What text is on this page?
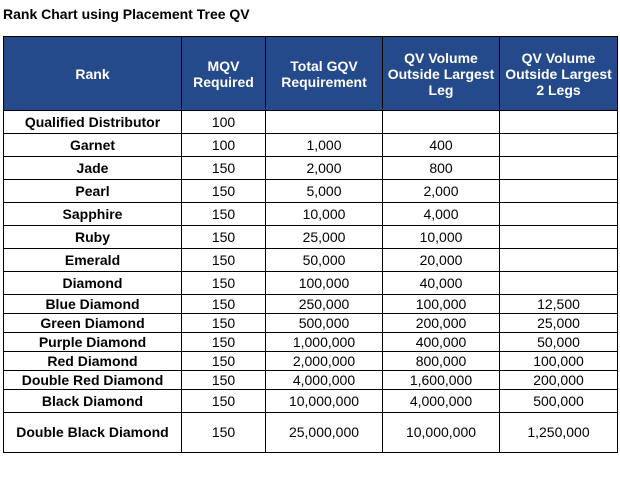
Rank Chart using Placement Tree QV
Rank	MQV Required	Total GQV Requirement	QV Volume Outside Largest Leg	QV Volume Outside Largest 2 Legs
Qualified Distributor	100			
Garnet	100	1,000	400	
Jade	150	2,000	800	
Pearl	150	5,000	2,000	
Sapphire	150	10,000	4,000	
Ruby	150	25,000	10,000	
Emerald	150	50,000	20,000	
Diamond	150	100,000	40,000	
Blue Diamond	150	250,000	100,000	12,500
Green Diamond	150	500,000	200,000	25,000
Purple Diamond	150	1,000,000	400,000	50,000
Red Diamond	150	2,000,000	800,000	100,000
Double Red Diamond	150	4,000,000	1,600,000	200,000
Black Diamond	150	10,000,000	4,000,000	500,000
Double Black Diamond	150	25,000,000	10,000,000	1,250,000
